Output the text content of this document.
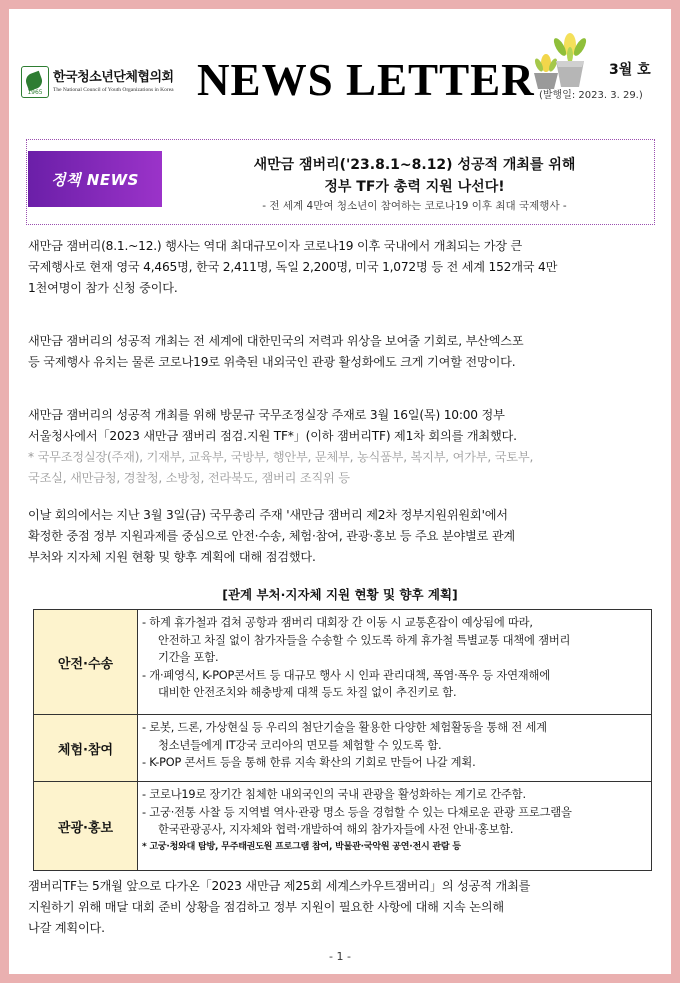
1965
한국청소년단체협의회
The National Council of Youth Organizations in Korea NEWS LETTER	3월 호
(발행일: 2023. 3. 29.)
정책 NEWS
새만금 잼버리('23.8.1~8.12) 성공적 개최를 위해
정부 TF가 총력 지원 나선다!
- 전 세계 4만여 청소년이 참여하는 코로나19 이후 최대 국제행사 -
새만금 잼버리(8.1.~12.) 행사는 역대 최대규모이자 코로나19 이후 국내에서 개최되는 가장 큰
국제행사로 현재 영국 4,465명, 한국 2,411명, 독일 2,200명, 미국 1,072명 등 전 세계 152개국 4만
1천여명이 참가 신청 중이다.
새만금 잼버리의 성공적 개최는 전 세계에 대한민국의 저력과 위상을 보여줄 기회로, 부산엑스포
등 국제행사 유치는 물론 코로나19로 위축된 내외국인 관광 활성화에도 크게 기여할 전망이다.
새만금 잼버리의 성공적 개최를 위해 방문규 국무조정실장 주재로 3월 16일(목) 10:00 정부
서울청사에서「2023 새만금 잼버리 점검.지원 TF*」(이하 잼버리TF) 제1차 회의를 개최했다.
* 국무조정실장(주재), 기재부, 교육부, 국방부, 행안부, 문체부, 농식품부, 복지부, 여가부, 국토부,
국조실, 새만금청, 경찰청, 소방청, 전라북도, 잼버리 조직위 등
이날 회의에서는 지난 3월 3일(금) 국무총리 주재 '새만금 잼버리 제2차 정부지원위원회'에서
확정한 중점 정부 지원과제를 중심으로 안전·수송, 체험·참여, 관광·홍보 등 주요 분야별로 관계
부처와 지자체 지원 현황 및 향후 계획에 대해 점검했다.
[관계 부처·지자체 지원 현황 및 향후 계획]
안전·수송
- 하계 휴가철과 겹쳐 공항과 잼버리 대회장 간 이동 시 교통혼잡이 예상됨에 따라,
안전하고 차질 없이 참가자들을 수송할 수 있도록 하계 휴가철 특별교통 대책에 잼버리
기간을 포함.
- 개·폐영식, K-POP콘서트 등 대규모 행사 시 인파 관리대책, 폭염·폭우 등 자연재해에
대비한 안전조치와 해충방제 대책 등도 차질 없이 추진키로 함.
체험·참여
- 로봇, 드론, 가상현실 등 우리의 첨단기술을 활용한 다양한 체험활동을 통해 전 세계
청소년들에게 IT강국 코리아의 면모를 체험할 수 있도록 함.
- K-POP 콘서트 등을 통해 한류 지속 확산의 기회로 만들어 나갈 계획.
관광·홍보
- 코로나19로 장기간 침체한 내외국인의 국내 관광을 활성화하는 계기로 간주함.
- 고궁·전통 사찰 등 지역별 역사·관광 명소 등을 경험할 수 있는 다채로운 관광 프로그램을
한국관광공사, 지자체와 협력·개발하여 해외 참가자들에 사전 안내·홍보함.
* 고궁·청와대 탐방, 무주태권도원 프로그램 참여, 박물관·국악원 공연·전시 관람 등
잼버리TF는 5개월 앞으로 다가온「2023 새만금 제25회 세계스카우트잼버리」의 성공적 개최를
지원하기 위해 매달 대회 준비 상황을 점검하고 정부 지원이 필요한 사항에 대해 지속 논의해
나갈 계획이다.
- 1 -
